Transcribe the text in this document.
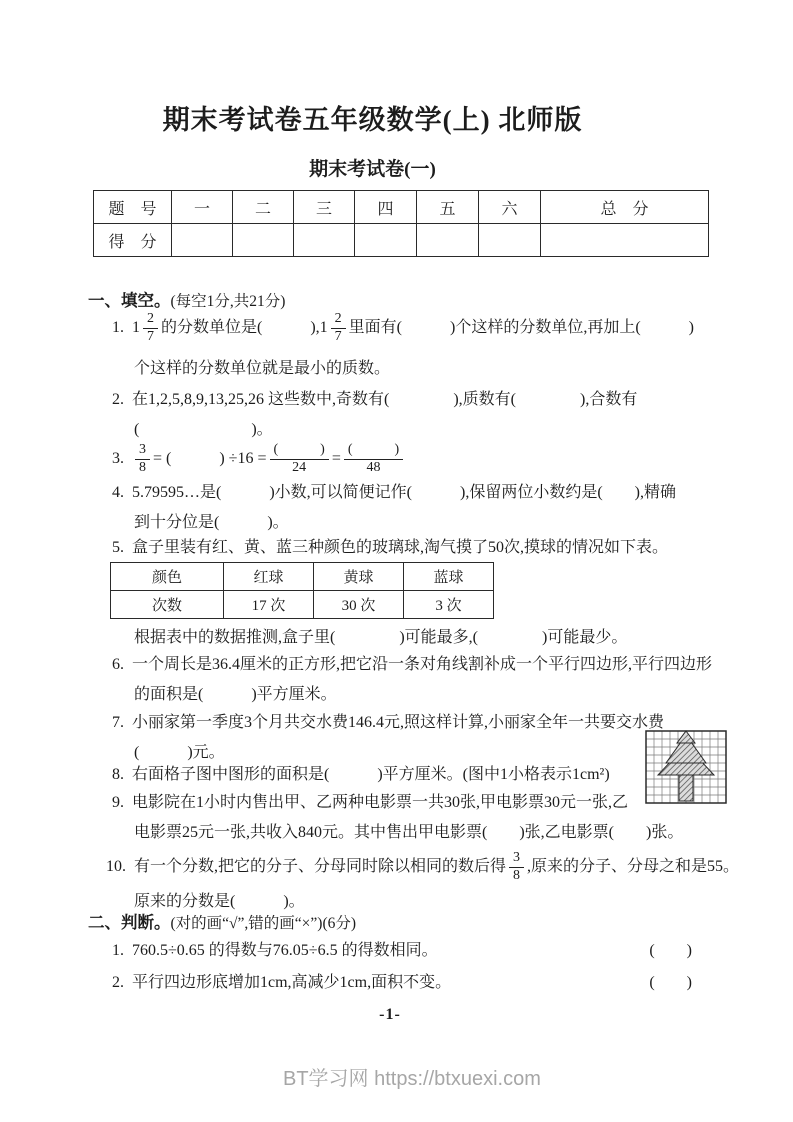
期末考试卷五年级数学(上) 北师版
期末考试卷(一)
题　号	一	二	三	四	五	六	总　分
得　分							
一、填空。(每空1分,共21分)
1. $1 \frac{2}{7}$ 的分数单位是(　　　), $1 \frac{2}{7}$ 里面有(　　　)个这样的分数单位,再加上(　　　)
个这样的分数单位就是最小的质数。
2. 在1,2,5,8,9,13,25,26 这些数中,奇数有(　　　　),质数有(　　　　),合数有
(　　　　　　　)。
3. $\frac{3}{8}$ = (　　　) $\div 16 = \frac{( )}{24} = \frac{( )}{48}$
4. 5.79595…是(　　　)小数,可以简便记作(　　　),保留两位小数约是(　　),精确
到十分位是(　　　)。
5. 盒子里装有红、黄、蓝三种颜色的玻璃球,淘气摸了50次,摸球的情况如下表。
颜色	红球	黄球	蓝球
次数	17 次	30 次	3 次
根据表中的数据推测,盒子里(　　　　)可能最多,(　　　　)可能最少。
6. 一个周长是36.4厘米的正方形,把它沿一条对角线割补成一个平行四边形,平行四边形
的面积是(　　　)平方厘米。
7. 小丽家第一季度3个月共交水费146.4元,照这样计算,小丽家全年一共要交水费
(　　　)元。
8. 右面格子图中图形的面积是(　　　)平方厘米。(图中1小格表示1cm²)
9. 电影院在1小时内售出甲、乙两种电影票一共30张,甲电影票30元一张,乙
电影票25元一张,共收入840元。其中售出甲电影票(　　)张,乙电影票(　　)张。
10. 有一个分数,把它的分子、分母同时除以相同的数后得 $\frac{3}{8}$ ,原来的分子、分母之和是55。
原来的分数是(　　　)。
二、判断。(对的画“√”,错的画“×”)(6分)
1. 760.5÷0.65 的得数与76.05÷6.5 的得数相同。	(　　)
2. 平行四边形底增加1cm,高减少1cm,面积不变。	(　　)
-1-
BT学习网 https://btxuexi.com
